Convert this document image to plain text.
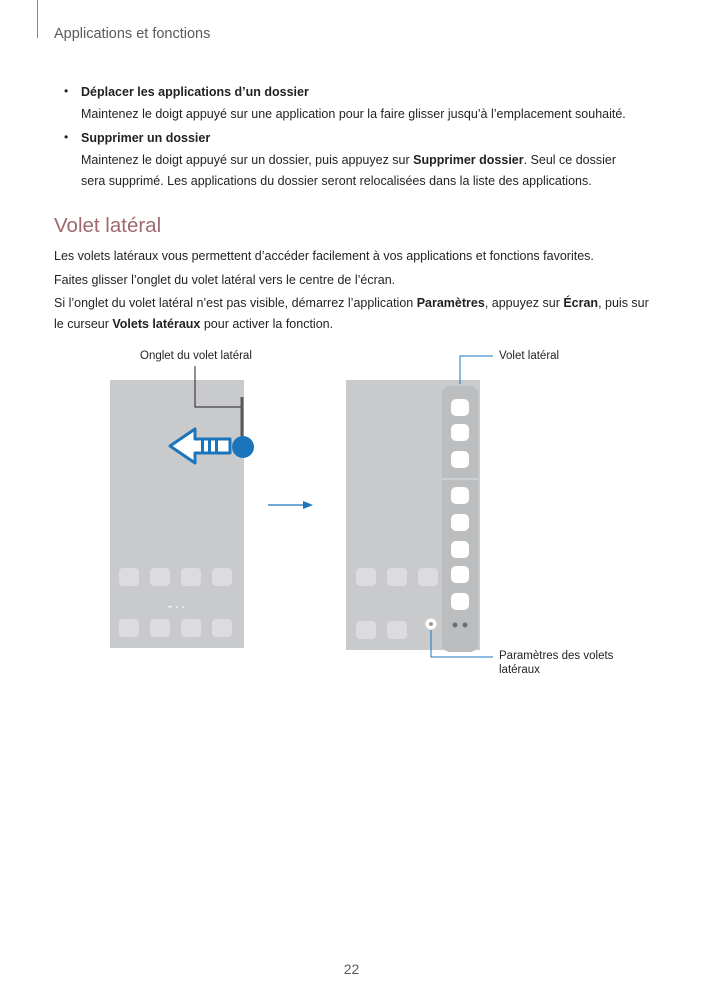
Applications et fonctions
• Déplacer les applications d’un dossier
Maintenez le doigt appuyé sur une application pour la faire glisser jusqu’à l’emplacement souhaité.
• Supprimer un dossier
Maintenez le doigt appuyé sur un dossier, puis appuyez sur Supprimer dossier. Seul ce dossier sera supprimé. Les applications du dossier seront relocalisées dans la liste des applications.
Volet latéral
Les volets latéraux vous permettent d’accéder facilement à vos applications et fonctions favorites.
Faites glisser l’onglet du volet latéral vers le centre de l’écran.
Si l’onglet du volet latéral n’est pas visible, démarrez l’application Paramètres, appuyez sur Écran, puis sur le curseur Volets latéraux pour activer la fonction.
Onglet du volet latéral	Volet latéral
Paramètres des volets latéraux
22
